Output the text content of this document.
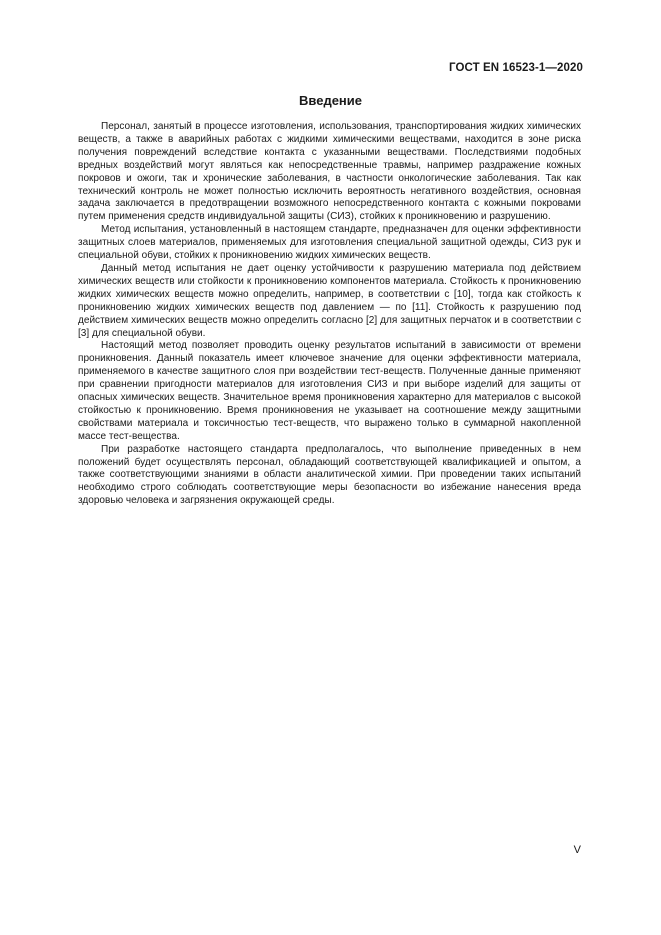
ГОСТ EN 16523-1—2020
Введение

Персонал, занятый в процессе изготовления, использования, транспортирования жидких химических веществ, а также в аварийных работах с жидкими химическими веществами, находится в зоне риска получения повреждений вследствие контакта с указанными веществами. Последствиями подобных вредных воздействий могут являться как непосредственные травмы, например раздражение кожных покровов и ожоги, так и хронические заболевания, в частности онкологические заболевания. Так как технический контроль не может полностью исключить вероятность негативного воздействия, основная задача заключается в предотвращении возможного непосредственного контакта с кожными покровами путем применения средств индивидуальной защиты (СИЗ), стойких к проникновению и разрушению.

Метод испытания, установленный в настоящем стандарте, предназначен для оценки эффективности защитных слоев материалов, применяемых для изготовления специальной защитной одежды, СИЗ рук и специальной обуви, стойких к проникновению жидких химических веществ.

Данный метод испытания не дает оценку устойчивости к разрушению материала под действием химических веществ или стойкости к проникновению компонентов материала. Стойкость к проникновению жидких химических веществ можно определить, например, в соответствии с [10], тогда как стойкость к проникновению жидких химических веществ под давлением — по [11]. Стойкость к разрушению под действием химических веществ можно определить согласно [2] для защитных перчаток и в соответствии с [3] для специальной обуви.

Настоящий метод позволяет проводить оценку результатов испытаний в зависимости от времени проникновения. Данный показатель имеет ключевое значение для оценки эффективности материала, применяемого в качестве защитного слоя при воздействии тест-веществ. Полученные данные применяют при сравнении пригодности материалов для изготовления СИЗ и при выборе изделий для защиты от опасных химических веществ. Значительное время проникновения характерно для материалов с высокой стойкостью к проникновению. Время проникновения не указывает на соотношение между защитными свойствами материала и токсичностью тест-веществ, что выражено только в суммарной накопленной массе тест-вещества.

При разработке настоящего стандарта предполагалось, что выполнение приведенных в нем положений будет осуществлять персонал, обладающий соответствующей квалификацией и опытом, а также соответствующими знаниями в области аналитической химии. При проведении таких испытаний необходимо строго соблюдать соответствующие меры безопасности во избежание нанесения вреда здоровью человека и загрязнения окружающей среды.

V
